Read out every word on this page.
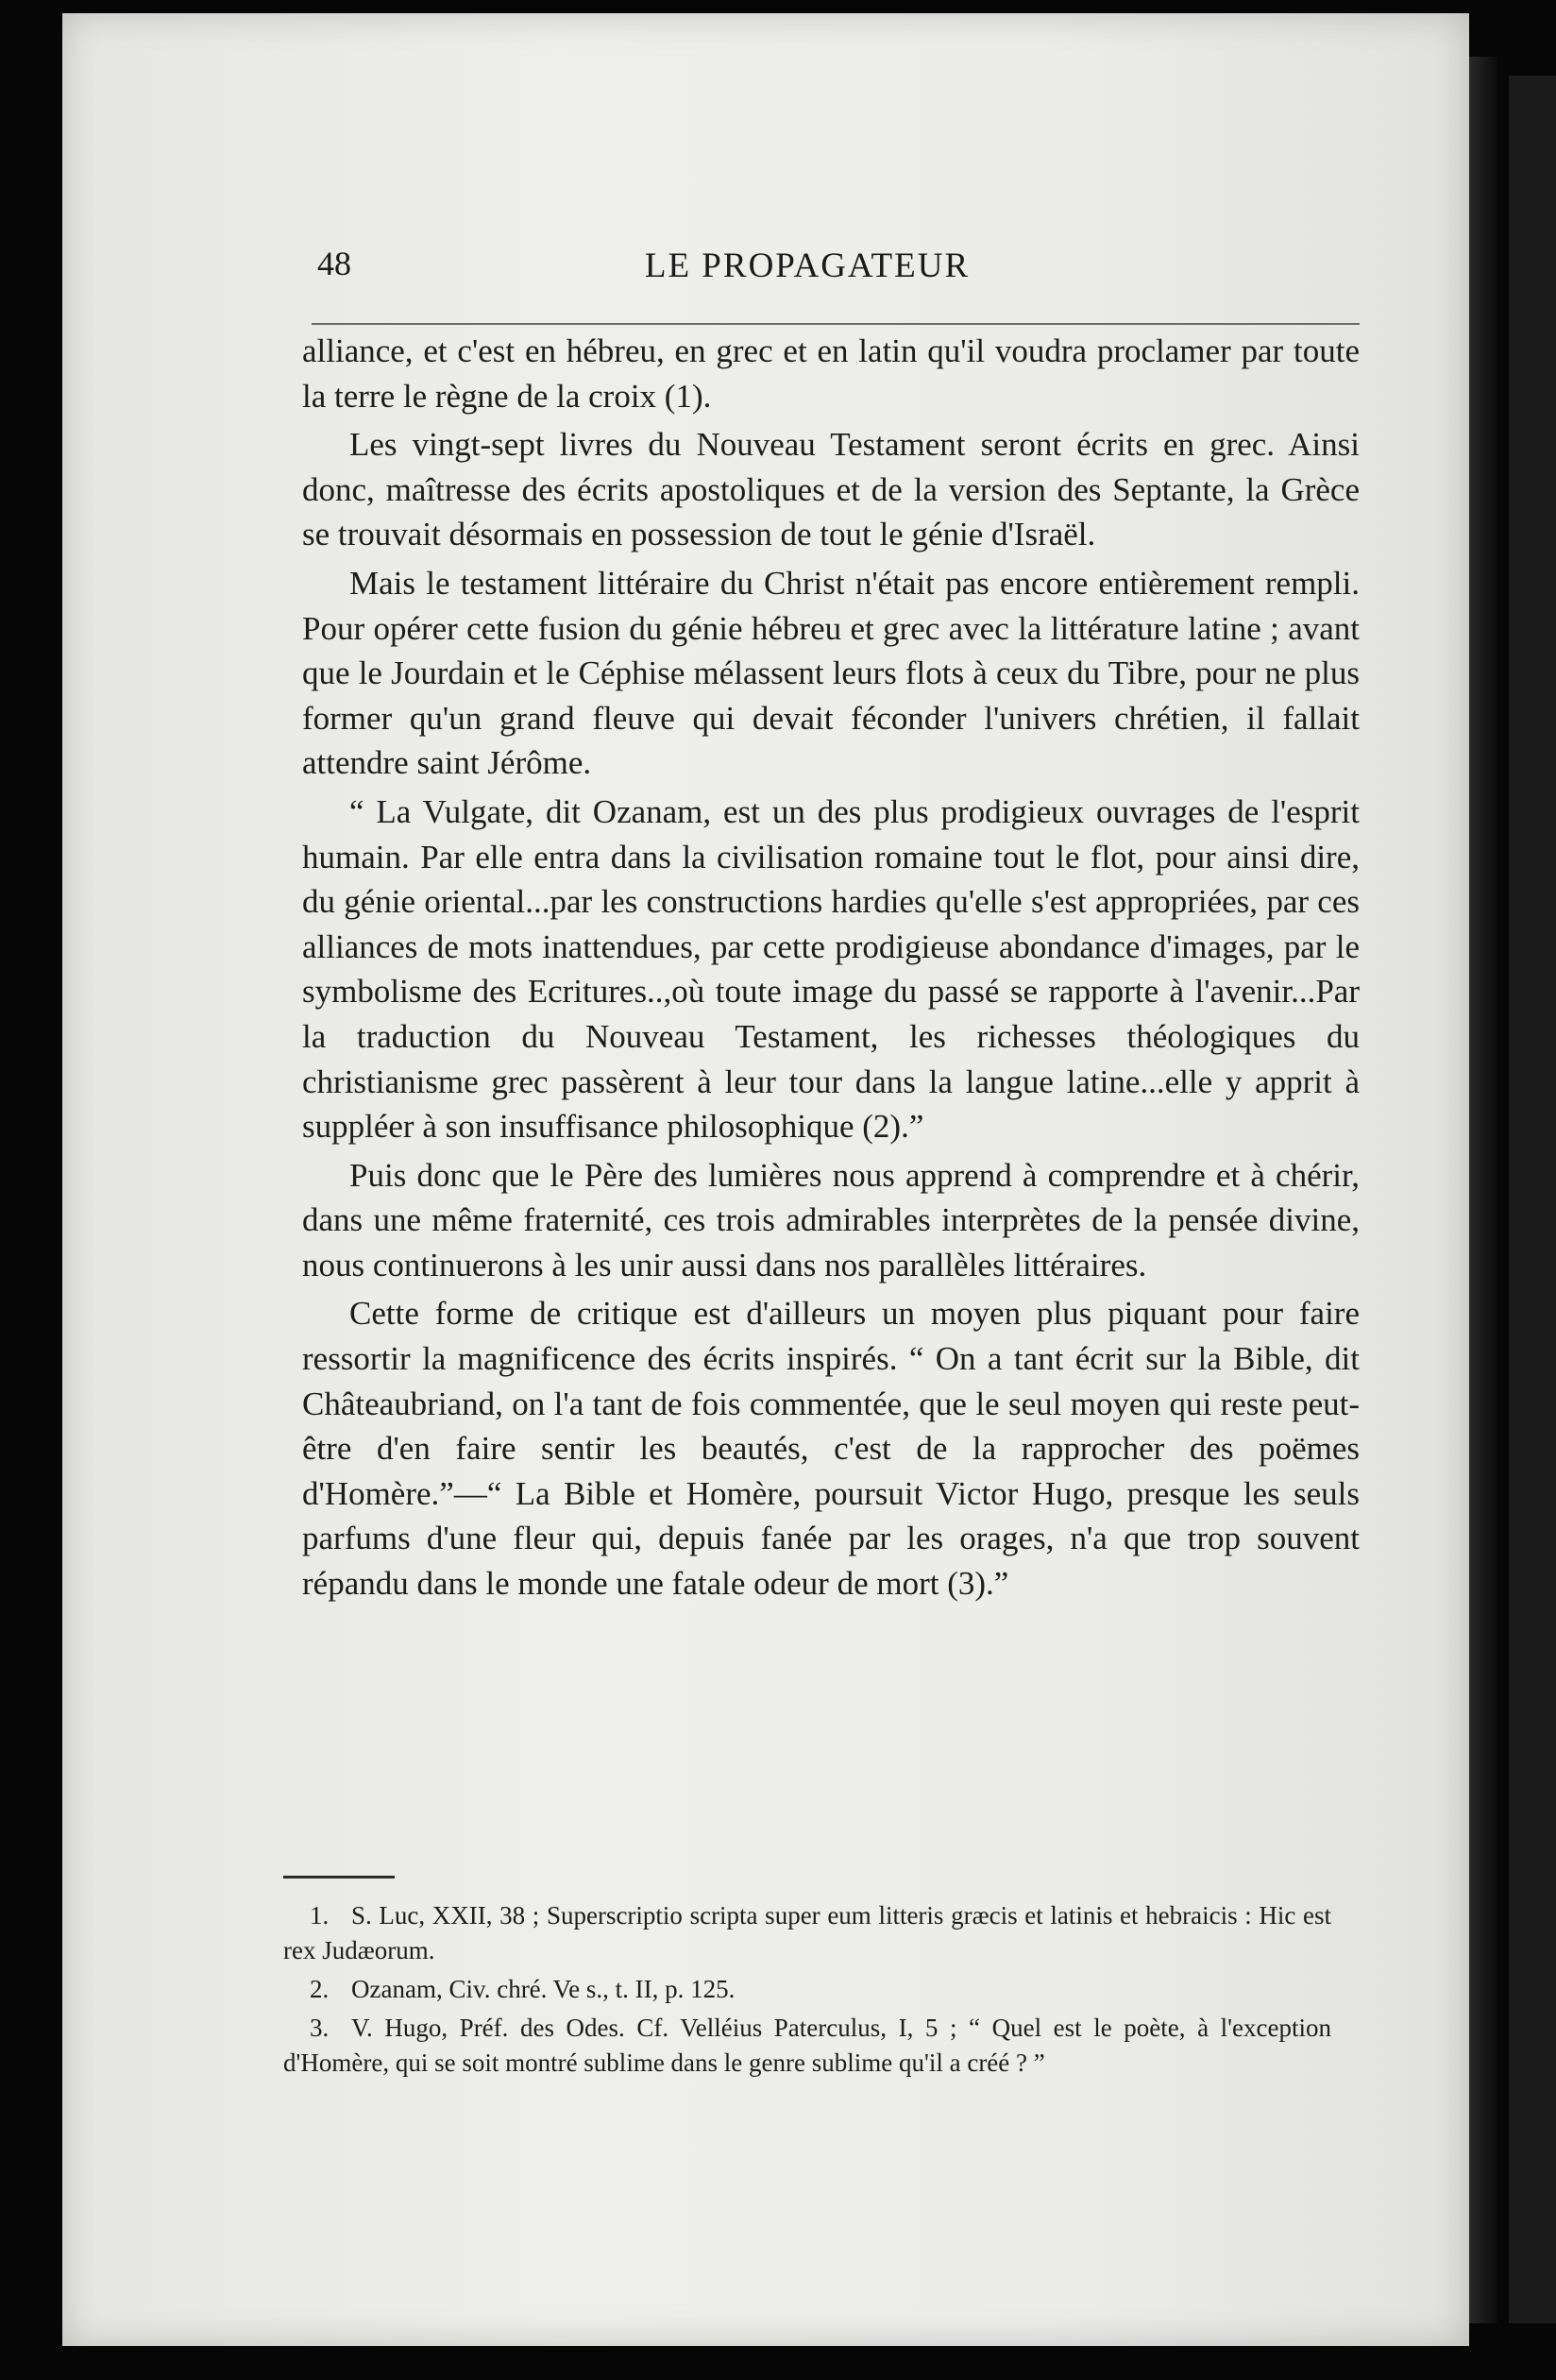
48	LE PROPAGATEUR

alliance, et c'est en hébreu, en grec et en latin qu'il voudra proclamer par toute la terre le règne de la croix (1).

Les vingt-sept livres du Nouveau Testament seront écrits en grec. Ainsi donc, maîtresse des écrits apostoliques et de la version des Septante, la Grèce se trouvait désormais en possession de tout le génie d'Israël.

Mais le testament littéraire du Christ n'était pas encore entièrement rempli. Pour opérer cette fusion du génie hébreu et grec avec la littérature latine ; avant que le Jourdain et le Céphise mélassent leurs flots à ceux du Tibre, pour ne plus former qu'un grand fleuve qui devait féconder l'univers chrétien, il fallait attendre saint Jérôme.

“ La Vulgate, dit Ozanam, est un des plus prodigieux ouvrages de l'esprit humain. Par elle entra dans la civilisation romaine tout le flot, pour ainsi dire, du génie oriental...par les constructions hardies qu'elle s'est appropriées, par ces alliances de mots inattendues, par cette prodigieuse abondance d'images, par le symbolisme des Ecritures..,où toute image du passé se rapporte à l'avenir...Par la traduction du Nouveau Testament, les richesses théologiques du christianisme grec passèrent à leur tour dans la langue latine...elle y apprit à suppléer à son insuffisance philosophique (2).”

Puis donc que le Père des lumières nous apprend à comprendre et à chérir, dans une même fraternité, ces trois admirables interprètes de la pensée divine, nous continuerons à les unir aussi dans nos parallèles littéraires.

Cette forme de critique est d'ailleurs un moyen plus piquant pour faire ressortir la magnificence des écrits inspirés. “ On a tant écrit sur la Bible, dit Châteaubriand, on l'a tant de fois commentée, que le seul moyen qui reste peut-être d'en faire sentir les beautés, c'est de la rapprocher des poëmes d'Homère.”—“ La Bible et Homère, poursuit Victor Hugo, presque les seuls parfums d'une fleur qui, depuis fanée par les orages, n'a que trop souvent répandu dans le monde une fatale odeur de mort (3).”

1. S. Luc, XXII, 38 ; Superscriptio scripta super eum litteris græcis et latinis et hebraicis : Hic est rex Judæorum.

2. Ozanam, Civ. chré. Ve s., t. II, p. 125.

3. V. Hugo, Préf. des Odes. Cf. Velléius Paterculus, I, 5 ; “ Quel est le poète, à l'exception d'Homère, qui se soit montré sublime dans le genre sublime qu'il a créé ? ”
